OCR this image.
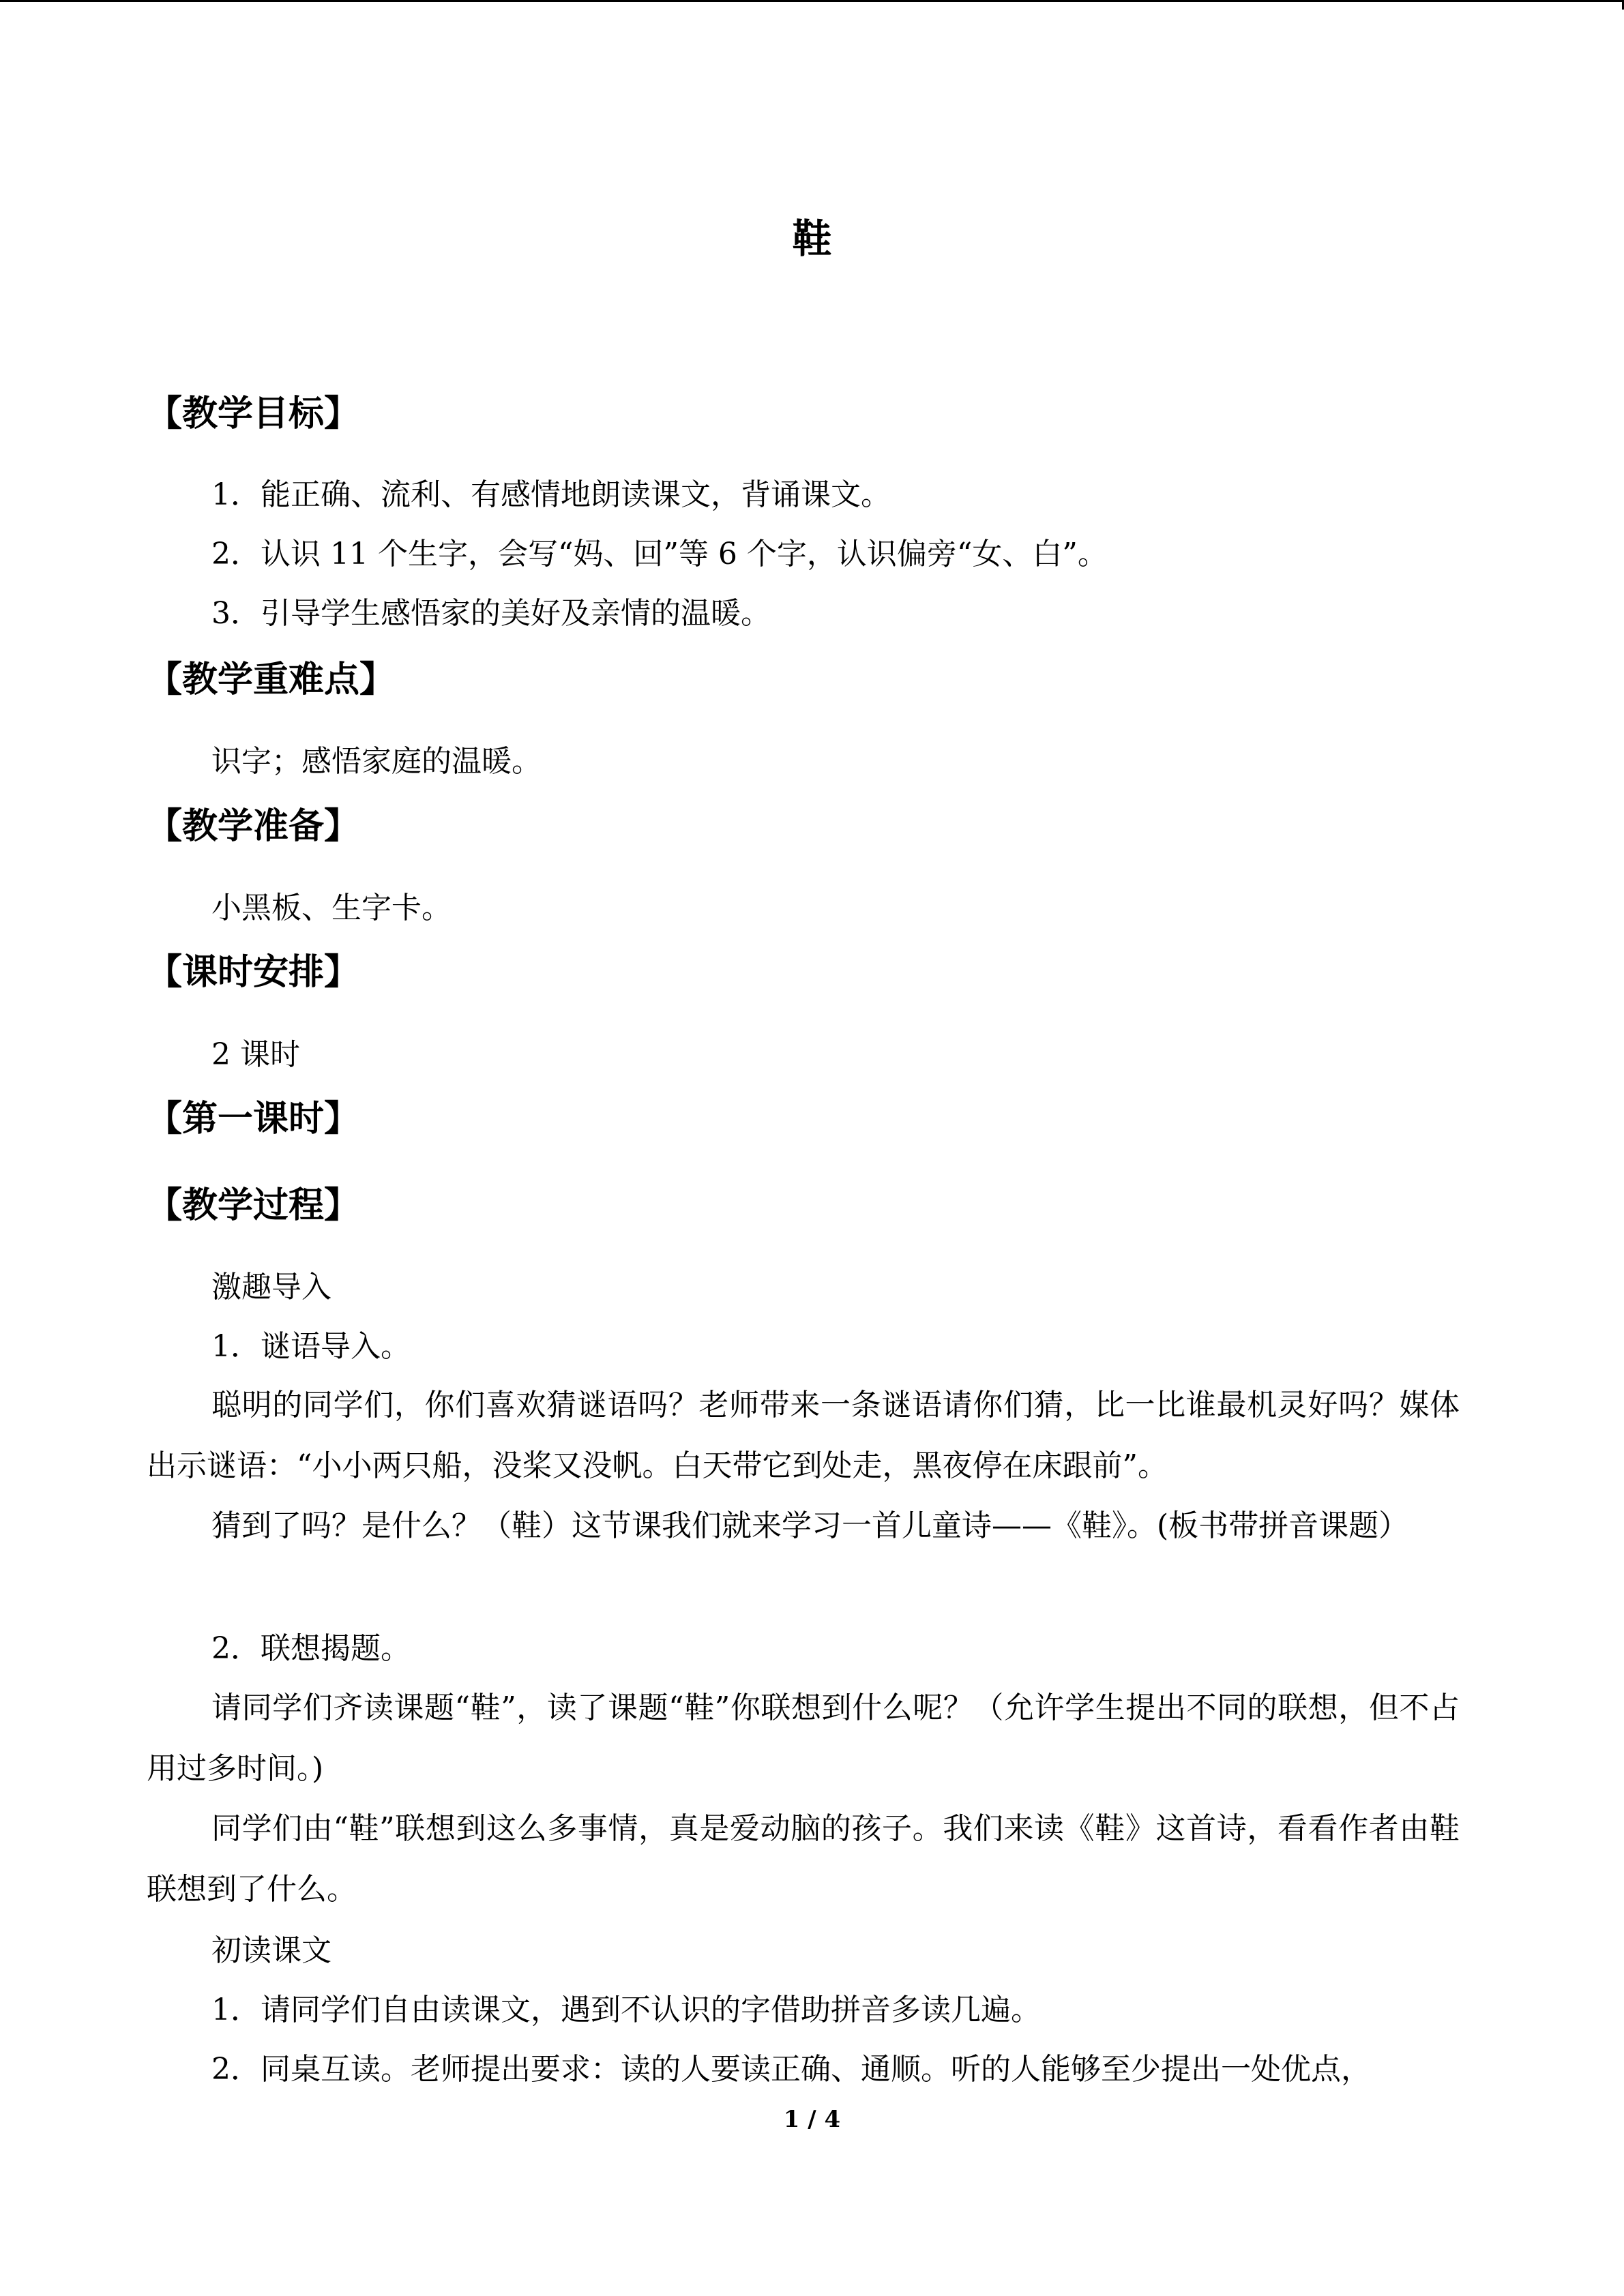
鞋
【教学目标】
1．能正确、流利、有感情地朗读课文，背诵课文。
2．认识 11 个生字，会写“妈、回”等 6 个字，认识偏旁“女、白”。
3．引导学生感悟家的美好及亲情的温暖。
【教学重难点】
识字；感悟家庭的温暖。
【教学准备】
小黑板、生字卡。
【课时安排】
2 课时
【第一课时】
【教学过程】
激趣导入
1．谜语导入。

聪明的同学们，你们喜欢猜谜语吗？老师带来一条谜语请你们猜，比一比谁最机灵好吗？媒体出示谜语：“小小两只船，没桨又没帆。白天带它到处走，黑夜停在床跟前”。

猜到了吗？是什么？（鞋）这节课我们就来学习一首儿童诗——《鞋》。(板书带拼音课题）

2．联想揭题。

请同学们齐读课题“鞋”，读了课题“鞋”你联想到什么呢？（允许学生提出不同的联想，但不占用过多时间。)

同学们由“鞋”联想到这么多事情，真是爱动脑的孩子。我们来读《鞋》这首诗，看看作者由鞋联想到了什么。

初读课文
1．请同学们自由读课文，遇到不认识的字借助拼音多读几遍。
2．同桌互读。老师提出要求：读的人要读正确、通顺。听的人能够至少提出一处优点，
1 / 4
